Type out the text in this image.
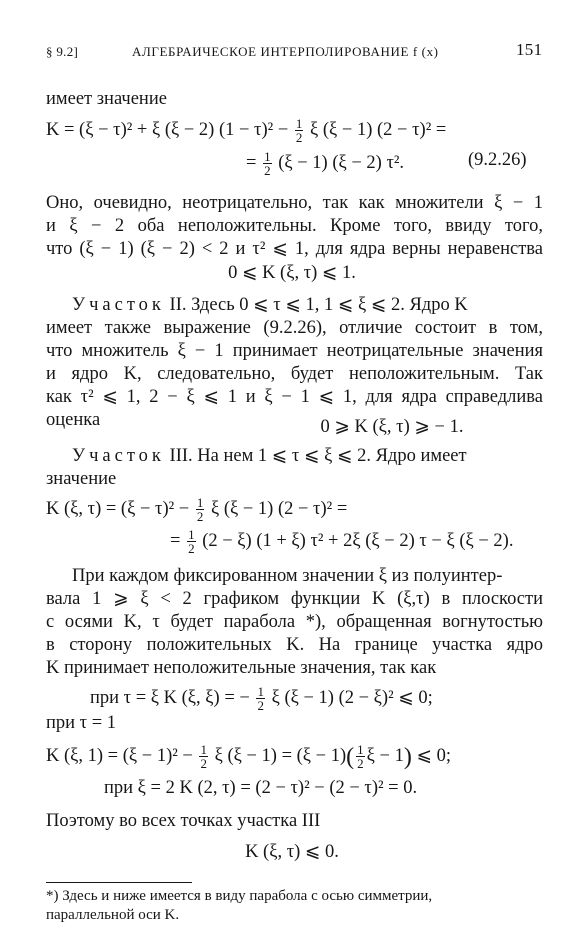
§ 9.2]	АЛГЕБРАИЧЕСКОЕ ИНТЕРПОЛИРОВАНИЕ f (x)	151
имеет значение
K = (ξ − τ)² + ξ (ξ − 2) $(1 - \tau)^2 - \frac{1}{2}$ ξ (ξ − 1) (2 − τ)² =
= $\frac{1}{2} (\xi - 1) (\xi - 2)$ τ².	(9.2.26)
Оно, очевидно, неотрицательно, так как множители ξ − 1
и ξ − 2 оба неположительны. Кроме того, ввиду того,
что (ξ − 1) (ξ − 2) < 2 и τ² ⩽ 1, для ядра верны неравенства
0 ⩽ K (ξ, τ) ⩽ 1.
Участок II. Здесь 0 ⩽ τ ⩽ 1, 1 ⩽ ξ ⩽ 2. Ядро K
имеет также выражение (9.2.26), отличие состоит в том,
что множитель ξ − 1 принимает неотрицательные значения
и ядро K, следовательно, будет неположительным. Так
как τ² ⩽ 1, 2 − ξ ⩽ 1 и ξ − 1 ⩽ 1, для ядра справедлива
оценка	0 ⩾ K (ξ, τ) ⩾ − 1.
Участок III. На нем 1 ⩽ τ ⩽ ξ ⩽ 2. Ядро имеет
значение
K (ξ, $\tau) = (\xi - \tau)^2 - \frac{1}{2}$ ξ (ξ − 1) (2 − τ)² =
= $\frac{1}{2} (2 - \xi) (1 + \xi) \tau^2 + 2\xi$ (ξ − 2) τ − ξ (ξ − 2).
При каждом фиксированном значении ξ из полуинтер-
вала 1 ⩾ ξ < 2 графиком функции K (ξ,τ) в плоскости
с осями K, τ будет парабола *), обращенная вогнутостью
в сторону положительных K. На границе участка ядро
K принимает неположительные значения, так как
при τ = ξ K (ξ, ξ) = − $\frac{1}{2}$ ξ (ξ − 1) (2 − ξ)² ⩽ 0;
при τ = 1
K (ξ, $1) = (\xi - 1)^2 - \frac{1}{2}$ ξ $(\xi - 1) = (\xi - 1)( \frac{1}{2}$ ξ − 1) ⩽ 0;
при ξ = 2 K (2, τ) = (2 − τ)² − (2 − τ)² = 0.
Поэтому во всех точках участка III
K (ξ, τ) ⩽ 0.
*) Здесь и ниже имеется в виду парабола с осью симметрии,
параллельной оси K.
